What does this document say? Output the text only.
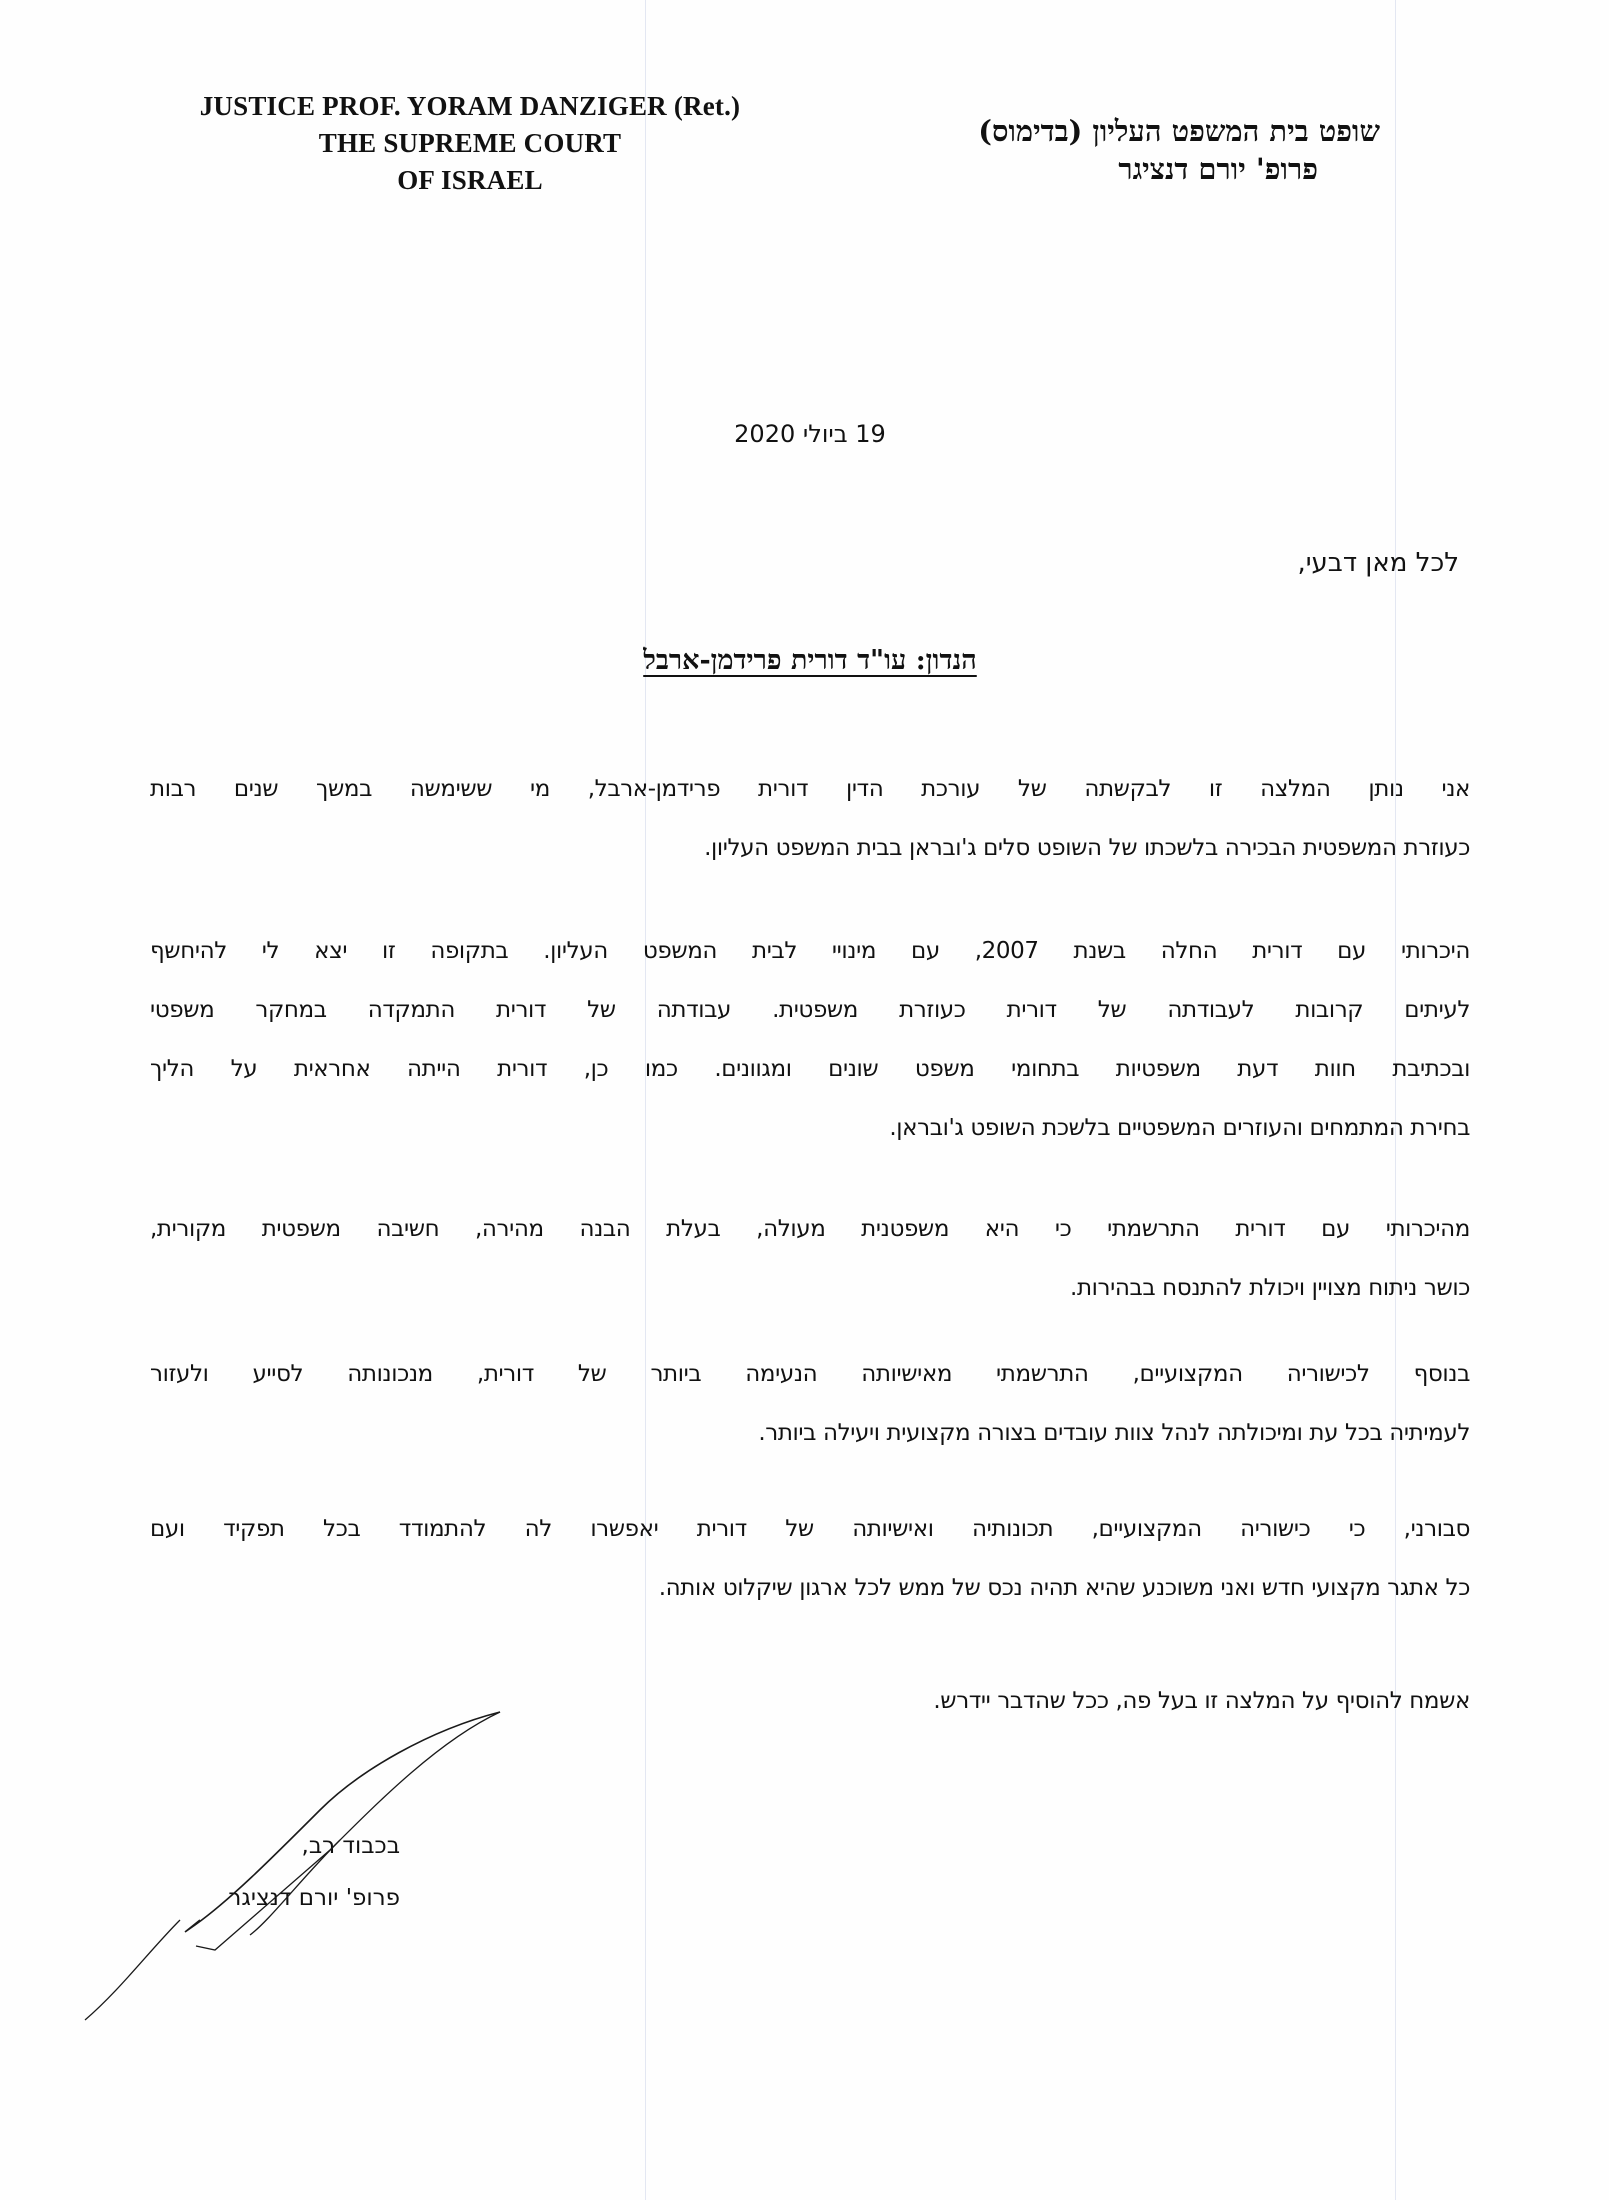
JUSTICE PROF. YORAM DANZIGER (Ret.)
THE SUPREME COURT
OF ISRAEL
שופט בית המשפט העליון (בדימוס)
פרופ' יורם דנציגר
19 ביולי 2020
לכל מאן דבעי,
הנדון: עו"ד דורית פרידמן-ארבל
אני נותן המלצה זו לבקשתה של עורכת הדין דורית פרידמן-ארבל, מי ששימשה במשך שנים רבות
כעוזרת המשפטית הבכירה בלשכתו של השופט סלים ג'ובראן בבית המשפט העליון.
היכרותי עם דורית החלה בשנת 2007, עם מינויי לבית המשפט העליון. בתקופה זו יצא לי להיחשף
לעיתים קרובות לעבודתה של דורית כעוזרת משפטית. עבודתה של דורית התמקדה במחקר משפטי
ובכתיבת חוות דעת משפטיות בתחומי משפט שונים ומגוונים. כמו כן, דורית הייתה אחראית על הליך
בחירת המתמחים והעוזרים המשפטיים בלשכת השופט ג'ובראן.
מהיכרותי עם דורית התרשמתי כי היא משפטנית מעולה, בעלת הבנה מהירה, חשיבה משפטית מקורית,
כושר ניתוח מצויין ויכולת להתנסח בבהירות.
בנוסף לכישוריה המקצועיים, התרשמתי מאישיותה הנעימה ביותר של דורית, מנכונותה לסייע ולעזור
לעמיתיה בכל עת ומיכולתה לנהל צוות עובדים בצורה מקצועית ויעילה ביותר.
סבורני, כי כישוריה המקצועיים, תכונותיה ואישיותה של דורית יאפשרו לה להתמודד בכל תפקיד ועם
כל אתגר מקצועי חדש ואני משוכנע שהיא תהיה נכס של ממש לכל ארגון שיקלוט אותה.
אשמח להוסיף על המלצה זו בעל פה, ככל שהדבר יידרש.
בכבוד רב,
פרופ' יורם דנציגר
